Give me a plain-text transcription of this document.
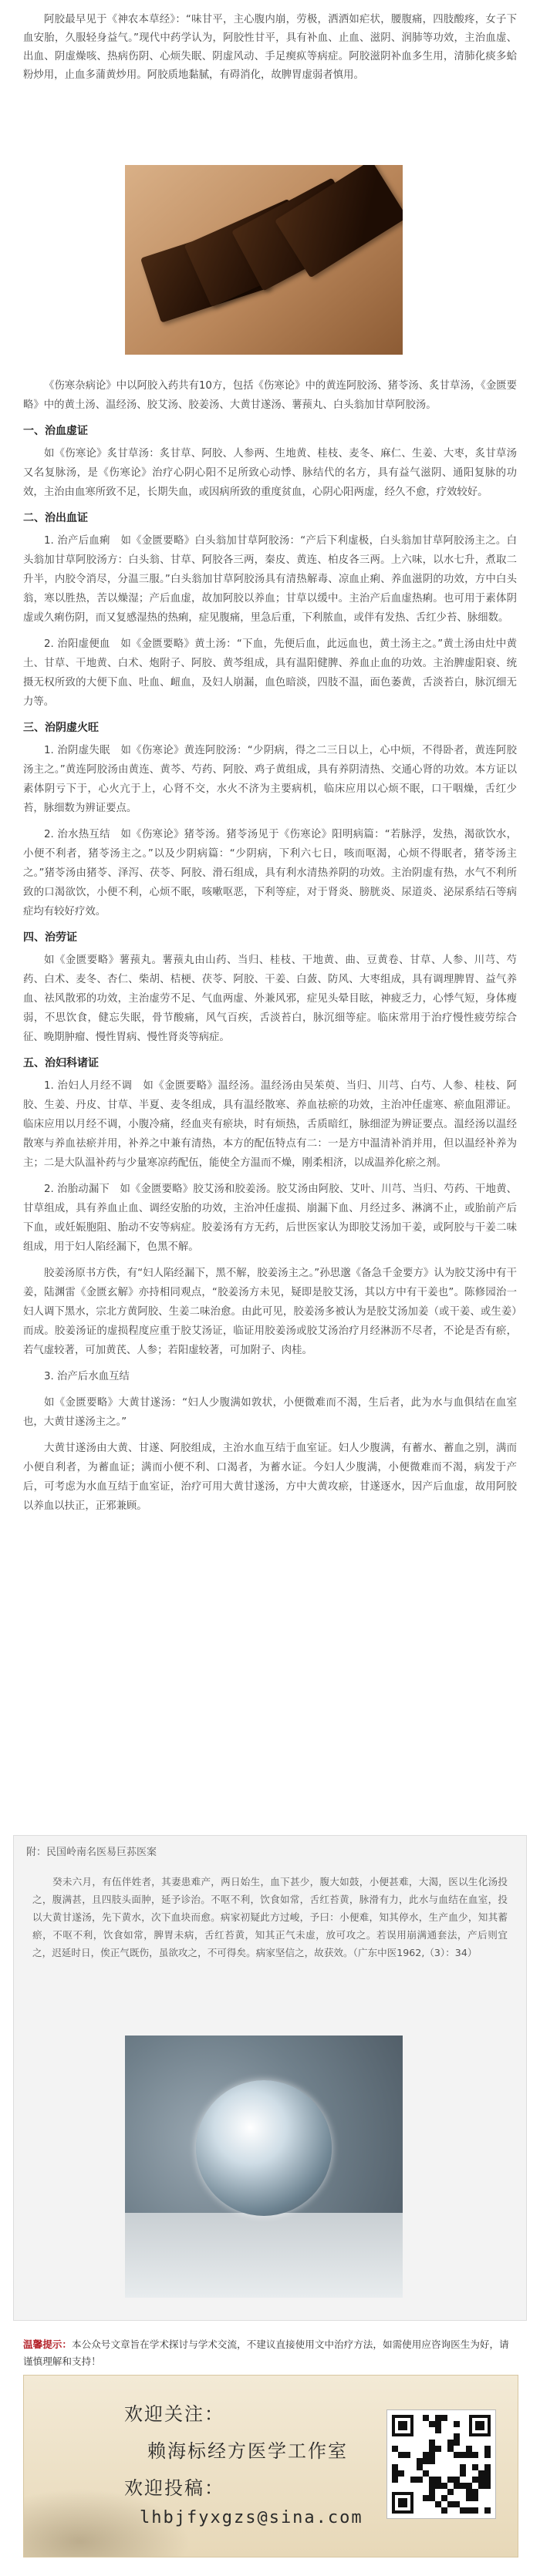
阿胶最早见于《神农本草经》：“味甘平，主心腹内崩，劳极，洒洒如疟状，腰腹痛，四肢酸疼，女子下血安胎，久服轻身益气。”现代中药学认为，阿胶性甘平，具有补血、止血、滋阴、润肺等功效，主治血虚、出血、阴虚燥咳、热病伤阴、心烦失眠、阴虚风动、手足瘈疭等病症。阿胶滋阴补血多生用，清肺化痰多蛤粉炒用，止血多蒲黄炒用。阿胶质地黏腻，有碍消化，故脾胃虚弱者慎用。

《伤寒杂病论》中以阿胶入药共有10方，包括《伤寒论》中的黄连阿胶汤、猪苓汤、炙甘草汤，《金匮要略》中的黄土汤、温经汤、胶艾汤、胶姜汤、大黄甘遂汤、薯蓣丸、白头翁加甘草阿胶汤。

一、治血虚证

如《伤寒论》炙甘草汤：炙甘草、阿胶、人参两、生地黄、桂枝、麦冬、麻仁、生姜、大枣，炙甘草汤又名复脉汤，是《伤寒论》治疗心阴心阳不足所致心动悸、脉结代的名方，具有益气滋阴、通阳复脉的功效，主治由血寒所致不足，长期失血，或因病所致的重度贫血，心阴心阳两虚，经久不愈，疗效较好。

二、治出血证

1. 治产后血痢　如《金匮要略》白头翁加甘草阿胶汤：“产后下利虚极，白头翁加甘草阿胶汤主之。白头翁加甘草阿胶汤方：白头翁、甘草、阿胶各三两，秦皮、黄连、柏皮各三两。上六味，以水七升，煮取二升半，内胶令消尽，分温三服。”白头翁加甘草阿胶汤具有清热解毒、凉血止痢、养血滋阴的功效，方中白头翁，寒以胜热，苦以燥湿；产后血虚，故加阿胶以养血；甘草以缓中。主治产后血虚热痢。也可用于素体阴虚或久痢伤阴，而又复感湿热的热痢，症见腹痛，里急后重，下利脓血，或伴有发热、舌红少苔、脉细数。

2. 治阳虚便血　如《金匮要略》黄土汤：“下血，先便后血，此远血也，黄土汤主之。”黄土汤由灶中黄土、甘草、干地黄、白术、炮附子、阿胶、黄芩组成，具有温阳健脾、养血止血的功效。主治脾虚阳衰、统摄无权所致的大便下血、吐血、衄血，及妇人崩漏，血色暗淡，四肢不温，面色萎黄，舌淡苔白，脉沉细无力等。

三、治阴虚火旺

1. 治阴虚失眠　如《伤寒论》黄连阿胶汤：“少阴病，得之二三日以上，心中烦，不得卧者，黄连阿胶汤主之。”黄连阿胶汤由黄连、黄芩、芍药、阿胶、鸡子黄组成，具有养阴清热、交通心肾的功效。本方证以素体阴亏下于，心火亢于上，心肾不交，水火不济为主要病机，临床应用以心烦不眠，口干咽燥，舌红少苔，脉细数为辨证要点。

2. 治水热互结　如《伤寒论》猪苓汤。猪苓汤见于《伤寒论》阳明病篇：“若脉浮，发热，渴欲饮水，小便不利者，猪苓汤主之。”以及少阴病篇：“少阴病，下利六七日，咳而呕渴，心烦不得眠者，猪苓汤主之。”猪苓汤由猪苓、泽泻、茯苓、阿胶、滑石组成，具有利水清热养阴的功效。主治阴虚有热，水气不利所致的口渴欲饮，小便不利，心烦不眠，咳嗽呕恶，下利等症，对于肾炎、膀胱炎、尿道炎、泌尿系结石等病症均有较好疗效。

四、治劳证

如《金匮要略》薯蓣丸。薯蓣丸由山药、当归、桂枝、干地黄、曲、豆黄卷、甘草、人参、川芎、芍药、白术、麦冬、杏仁、柴胡、桔梗、茯苓、阿胶、干姜、白蔹、防风、大枣组成，具有调理脾胃、益气养血、祛风散邪的功效，主治虚劳不足、气血两虚、外兼风邪，症见头晕目眩，神疲乏力，心悸气短，身体瘦弱，不思饮食，健忘失眠，骨节酸痛，风气百疾，舌淡苔白，脉沉细等症。临床常用于治疗慢性疲劳综合征、晚期肿瘤、慢性胃病、慢性肾炎等病症。

五、治妇科诸证

1. 治妇人月经不调　如《金匮要略》温经汤。温经汤由吴茱萸、当归、川芎、白芍、人参、桂枝、阿胶、生姜、丹皮、甘草、半夏、麦冬组成，具有温经散寒、养血祛瘀的功效，主治冲任虚寒、瘀血阻滞证。临床应用以月经不调，小腹冷痛，经血夹有瘀块，时有烦热，舌质暗红，脉细涩为辨证要点。温经汤以温经散寒与养血祛瘀并用，补养之中兼有清热，本方的配伍特点有二：一是方中温清补消并用，但以温经补养为主；二是大队温补药与少量寒凉药配伍，能使全方温而不燥，刚柔相济，以成温养化瘀之剂。

2. 治胎动漏下　如《金匮要略》胶艾汤和胶姜汤。胶艾汤由阿胶、艾叶、川芎、当归、芍药、干地黄、甘草组成，具有养血止血、调经安胎的功效，主治冲任虚损、崩漏下血、月经过多、淋漓不止，或胎前产后下血，或妊娠胞阻、胎动不安等病症。胶姜汤有方无药，后世医家认为即胶艾汤加干姜，或阿胶与干姜二味组成，用于妇人陷经漏下，色黑不解。

胶姜汤原书方佚，有“妇人陷经漏下，黑不解，胶姜汤主之。”孙思邈《备急千金要方》认为胶艾汤中有干姜，陆渊雷《金匮玄解》亦持相同观点，“胶姜汤方未见，疑即是胶艾汤，其以方中有干姜也”。陈修园治一妇人调下黑水，宗北方黄阿胶、生姜二味治愈。由此可见，胶姜汤多被认为是胶艾汤加姜（或干姜、或生姜）而成。胶姜汤证的虚损程度应重于胶艾汤证，临证用胶姜汤或胶艾汤治疗月经淋沥不尽者，不论是否有瘀，若气虚较著，可加黄芪、人参；若阳虚较著，可加附子、肉桂。

3. 治产后水血互结

如《金匮要略》大黄甘遂汤：“妇人少腹满如敦状，小便微难而不渴，生后者，此为水与血俱结在血室也，大黄甘遂汤主之。”

大黄甘遂汤由大黄、甘遂、阿胶组成，主治水血互结于血室证。妇人少腹满，有蓄水、蓄血之别，满而小便自利者，为蓄血证；满而小便不利、口渴者，为蓄水证。今妇人少腹满，小便微难而不渴，病发于产后，可考虑为水血互结于血室证，治疗可用大黄甘遂汤，方中大黄攻瘀，甘遂逐水，因产后血虚，故用阿胶以养血以扶正，正邪兼顾。

附：民国岭南名医易巨荪医案
癸未六月，有伍伴姓者，其妻患难产，两日始生，血下甚少，腹大如鼓，小便甚难，大渴，医以生化汤投之，腹满甚，且四肢头面肿，延予诊治。不呕不利，饮食如常，舌红苔黄，脉滑有力，此水与血结在血室，投以大黄甘遂汤，先下黄水，次下血块而愈。病家初疑此方过峻，予曰：小便难，知其停水，生产血少，知其蓄瘀，不呕不利，饮食如常，脾胃未病，舌红苔黄，知其正气未虚，放可攻之。若误用崩满通套法，产后则宜之，迟延时日，俟正气既伤，虽欲攻之，不可得矣。病家坚信之，故获效。（广东中医1962,（3）：34）
温馨提示：本公众号文章旨在学术探讨与学术交流，不建议直接使用文中治疗方法，如需使用应咨询医生为好，请谨慎理解和支持！
欢迎关注：
赖海标经方医学工作室
欢迎投稿：
lhbjfyxgzs@sina.com
